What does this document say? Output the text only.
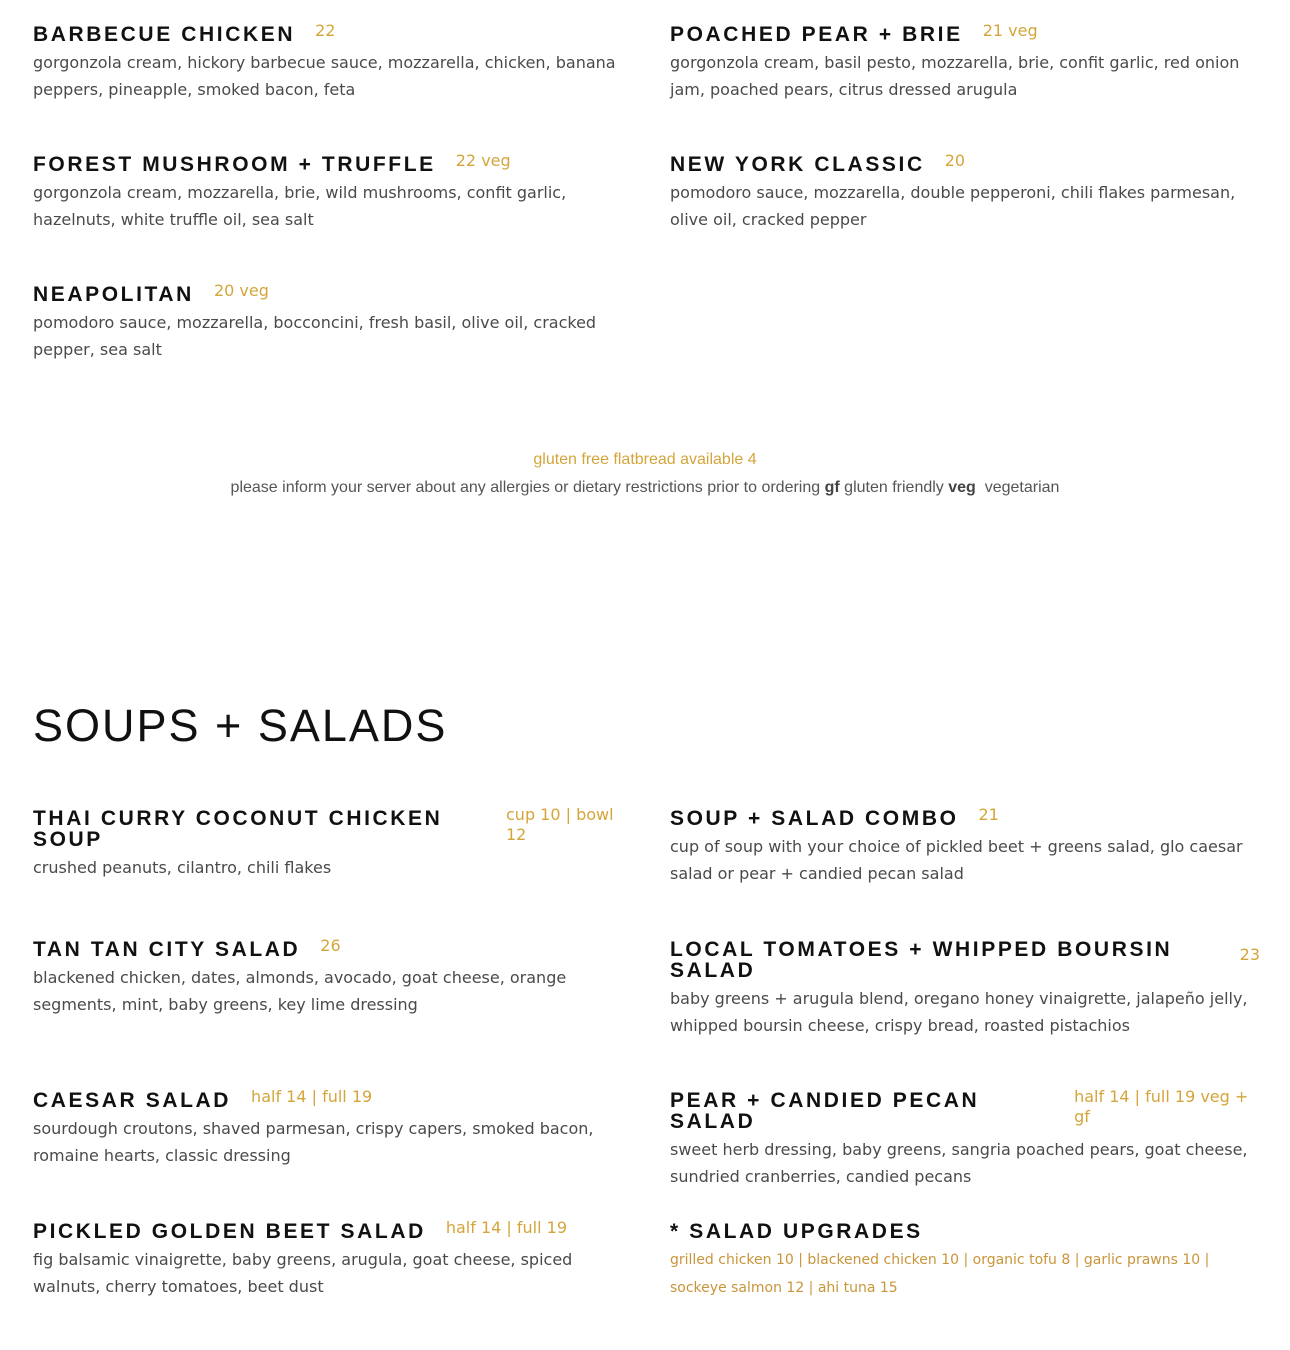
BARBECUE CHICKEN 22
gorgonzola cream, hickory barbecue sauce, mozzarella, chicken, banana peppers, pineapple, smoked bacon, feta
POACHED PEAR + BRIE 21 veg
gorgonzola cream, basil pesto, mozzarella, brie, confit garlic, red onion jam, poached pears, citrus dressed arugula
FOREST MUSHROOM + TRUFFLE 22 veg
gorgonzola cream, mozzarella, brie, wild mushrooms, confit garlic, hazelnuts, white truffle oil, sea salt
NEW YORK CLASSIC 20
pomodoro sauce, mozzarella, double pepperoni, chili flakes parmesan, olive oil, cracked pepper
NEAPOLITAN 20 veg
pomodoro sauce, mozzarella, bocconcini, fresh basil, olive oil, cracked pepper, sea salt
gluten free flatbread available 4
please inform your server about any allergies or dietary restrictions prior to ordering gf gluten friendly veg vegetarian
SOUPS + SALADS
THAI CURRY COCONUT CHICKEN SOUP
cup 10 | bowl 12
crushed peanuts, cilantro, chili flakes
SOUP + SALAD COMBO 21
cup of soup with your choice of pickled beet + greens salad, glo caesar salad or pear + candied pecan salad
TAN TAN CITY SALAD 26
blackened chicken, dates, almonds, avocado, goat cheese, orange segments, mint, baby greens, key lime dressing
LOCAL TOMATOES + WHIPPED BOURSIN SALAD
23
baby greens + arugula blend, oregano honey vinaigrette, jalapeño jelly, whipped boursin cheese, crispy bread, roasted pistachios
CAESAR SALAD half 14 | full 19
sourdough croutons, shaved parmesan, crispy capers, smoked bacon, romaine hearts, classic dressing
PEAR + CANDIED PECAN SALAD
half 14 | full 19 veg + gf
sweet herb dressing, baby greens, sangria poached pears, goat cheese, sundried cranberries, candied pecans
PICKLED GOLDEN BEET SALAD half 14 | full 19
fig balsamic vinaigrette, baby greens, arugula, goat cheese, spiced walnuts, cherry tomatoes, beet dust
* SALAD UPGRADES
grilled chicken 10 | blackened chicken 10 | organic tofu 8 | garlic prawns 10 | sockeye salmon 12 | ahi tuna 15
